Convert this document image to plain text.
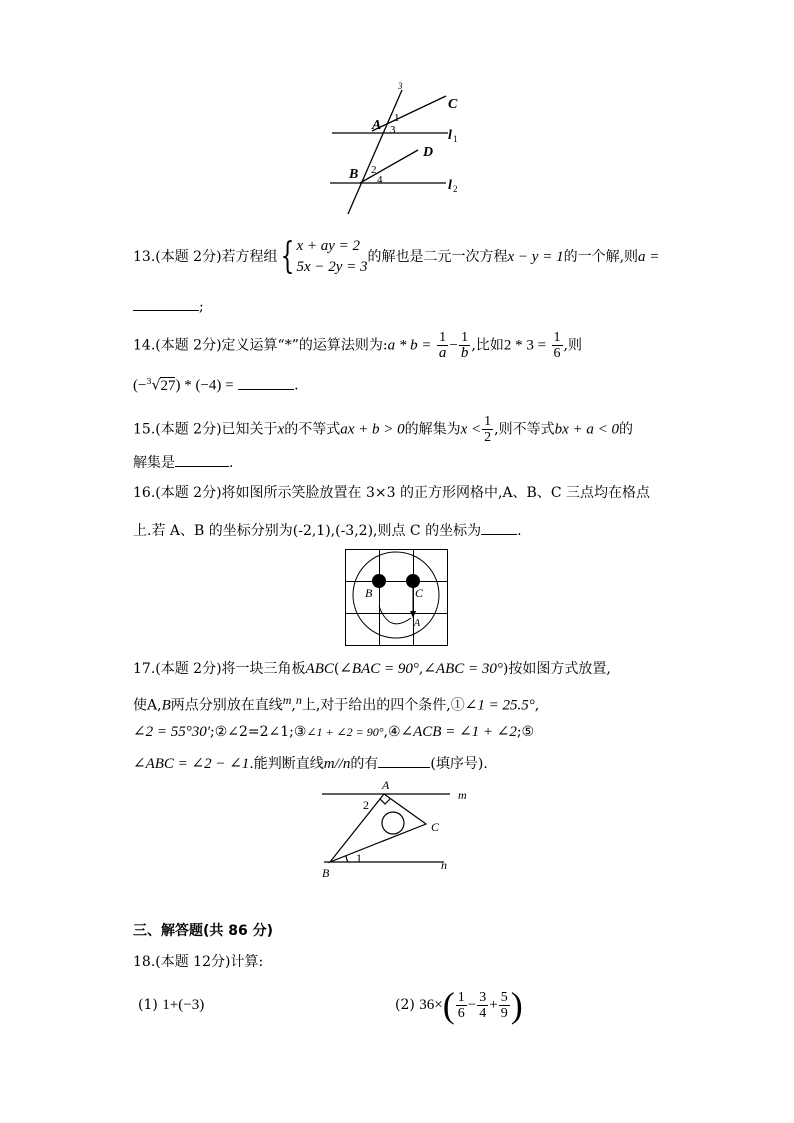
3
C
A 1
3	l 1
D
B 2
4	l 2
13.(本题 2分)若方程组{ x + ay = 2
5x − 2y = 3的解也是二元一次方程x − y = 1的一个解,则a =
;
14.(本题 2分)定义运算“*”的运算法则为:a * $b = \frac{1}{a} - \frac{1}{b}$ ,比如$2 * 3 = \frac{1}{6}$ ,则
(−$^3$√27) * (−4) =	.
15.(本题 2分)已知关于x的不等式ax + b > 0的解集为$x < \frac{1}{2}$ ,则不等式bx + a < 0的
解集是	.
16.(本题 2分)将如图所示笑脸放置在 3×3 的正方形网格中,A、B、C 三点均在格点
上.若 A、B 的坐标分别为(-2,1),(-3,2),则点 C 的坐标为	.
B	C
A
17.(本题 2分)将一块三角板ABC(∠BAC = 90°,∠ABC = 30°)按如图方式放置,
使A,B两点分别放在直线$^m$,$^n$上,对于给出的四个条件,①∠1 = 25.5°,
∠2 = 55°30′;②∠2=2∠1;③∠1 + ∠2 = 90°,④∠ACB = ∠1 + ∠2;⑤
∠ABC = ∠2 − ∠1.能判断直线m//n的有	(填序号).
A
m
2
C
1
B
n
三、解答题(共 86 分)
18.(本题 12分)计算:
(1) 1+(−3)	(2) $36\times( \frac{1}{6} - \frac{3}{4} + \frac{5}{9}$ )
